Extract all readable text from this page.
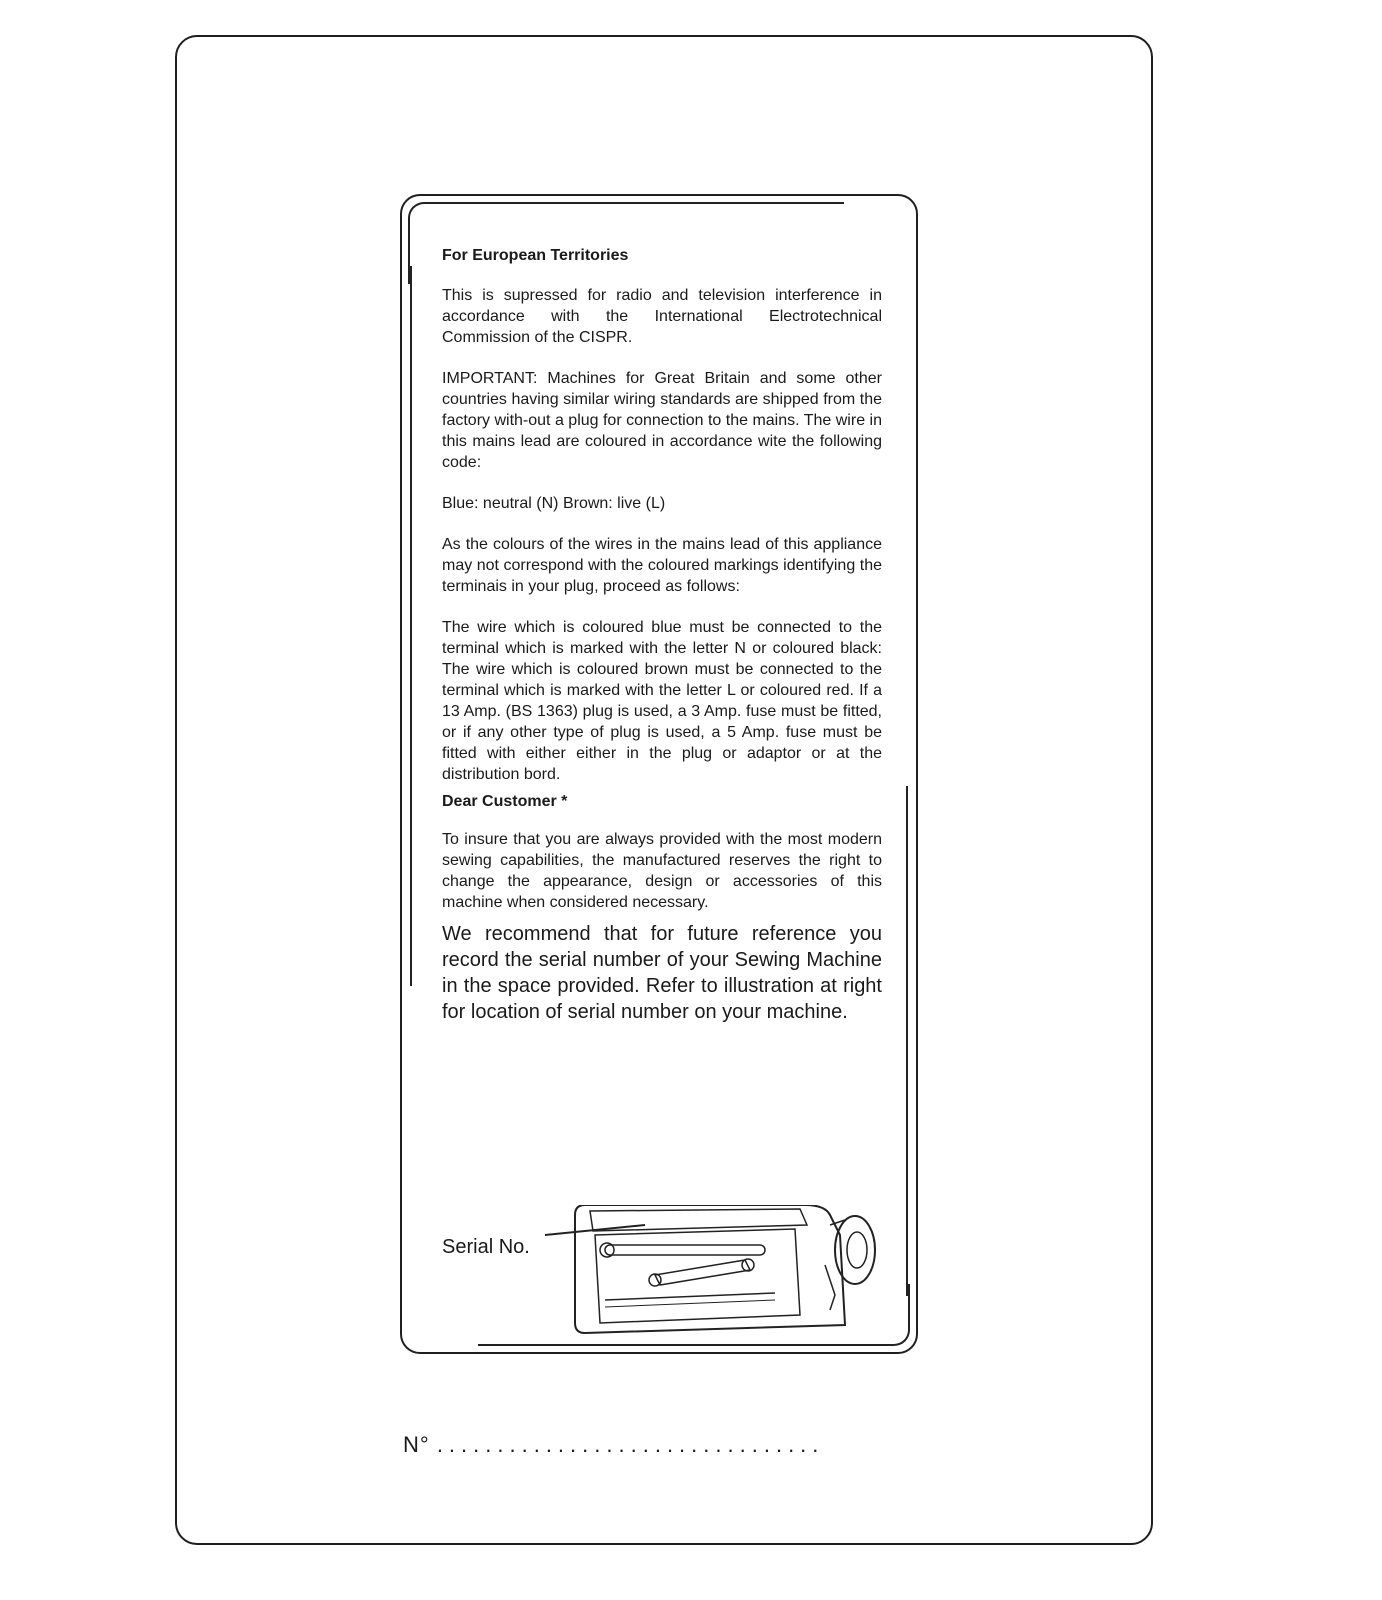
For European Territories

This is supressed for radio and television interference in accordance with the International Electrotechnical Commission of the CISPR.

IMPORTANT: Machines for Great Britain and some other countries having similar wiring standards are shipped from the factory with-out a plug for connection to the mains. The wire in this mains lead are coloured in accordance wite the following code:

Blue: neutral (N) Brown: live (L)

As the colours of the wires in the mains lead of this appliance may not correspond with the coloured markings identifying the terminais in your plug, proceed as follows:

The wire which is coloured blue must be connected to the terminal which is marked with the letter N or coloured black: The wire which is coloured brown must be connected to the terminal which is marked with the letter L or coloured red. If a 13 Amp. (BS 1363) plug is used, a 3 Amp. fuse must be fitted, or if any other type of plug is used, a 5 Amp. fuse must be fitted with either either in the plug or adaptor or at the distribution bord.

Dear Customer *

To insure that you are always provided with the most modern sewing capabilities, the manufactured reserves the right to change the appearance, design or accessories of this machine when considered necessary.

We recommend that for future reference you record the serial number of your Sewing Machine in the space provided. Refer to illustration at right for location of serial number on your machine.

Serial No.
N° ................................
